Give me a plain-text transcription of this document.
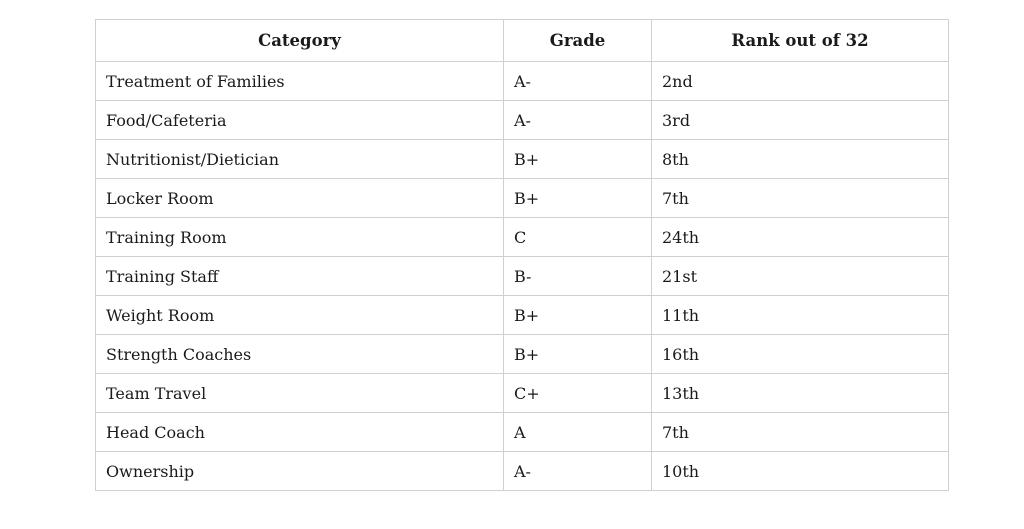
Category	Grade	Rank out of 32
Treatment of Families	A-	2nd
Food/Cafeteria	A-	3rd
Nutritionist/Dietician	B+	8th
Locker Room	B+	7th
Training Room	C	24th
Training Staff	B-	21st
Weight Room	B+	11th
Strength Coaches	B+	16th
Team Travel	C+	13th
Head Coach	A	7th
Ownership	A-	10th
